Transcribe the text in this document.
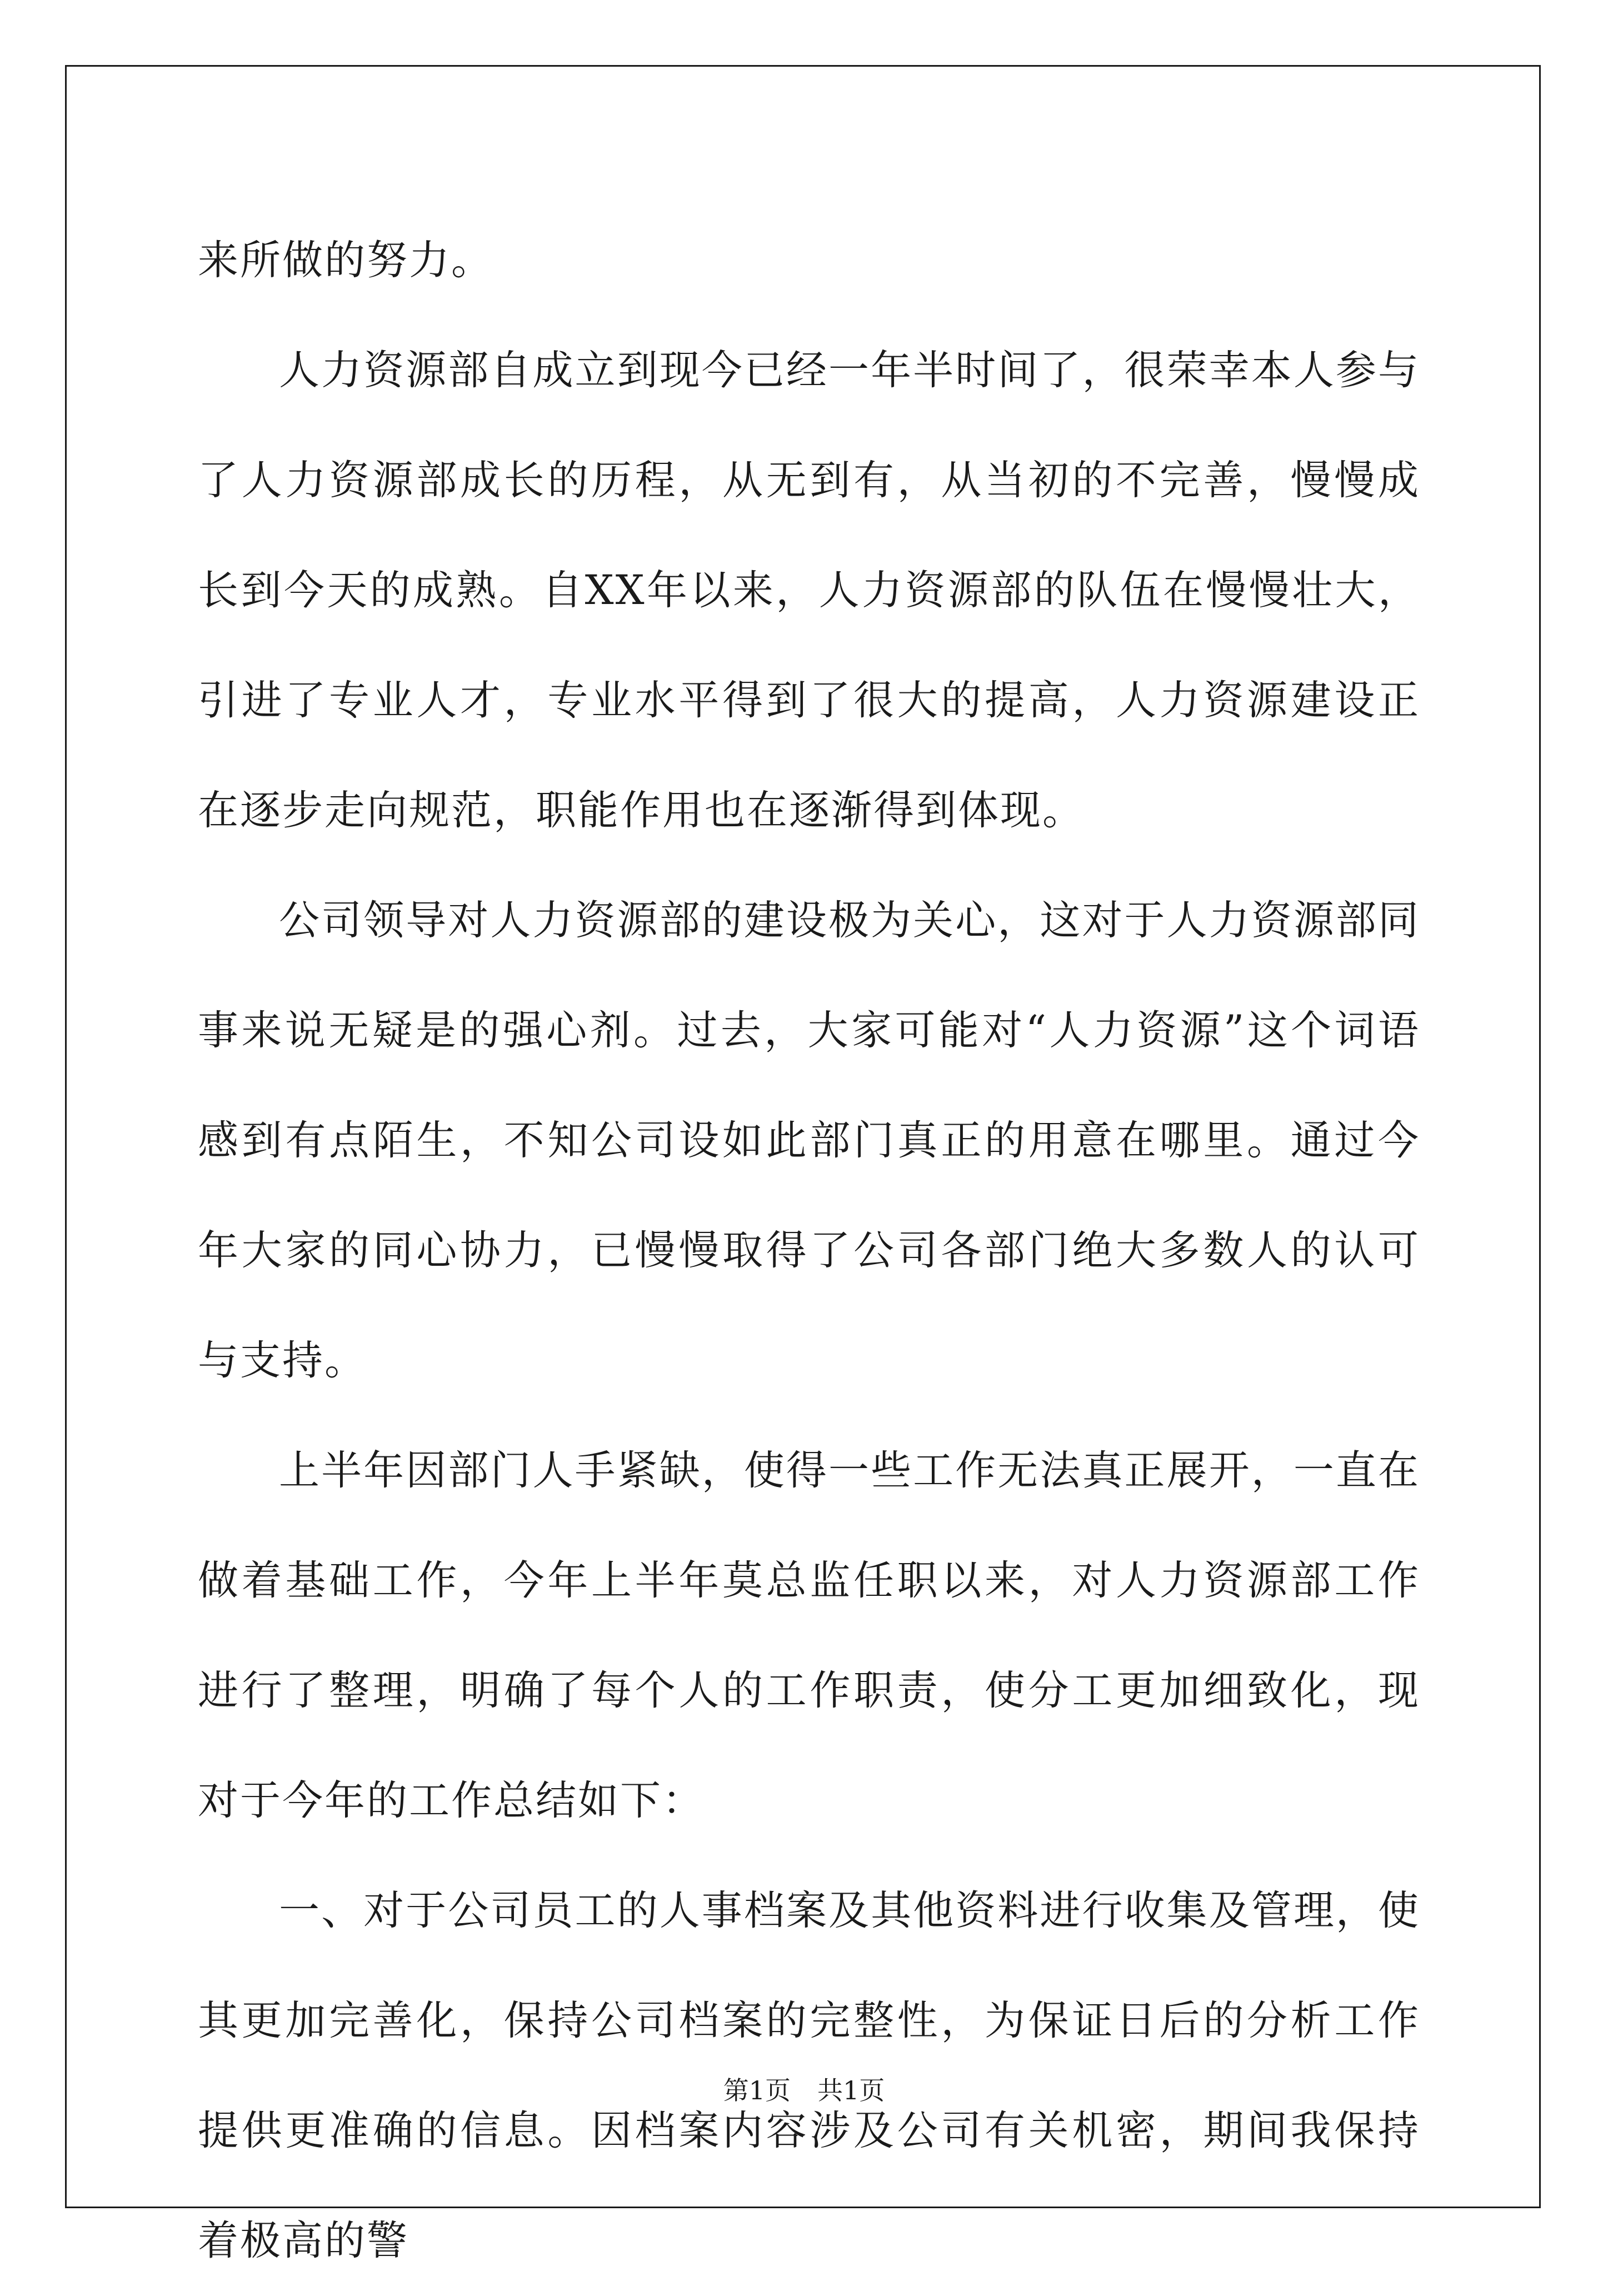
来所做的努力。

人力资源部自成立到现今已经一年半时间了，很荣幸本人参与了人力资源部成长的历程，从无到有，从当初的不完善，慢慢成长到今天的成熟。自XX年以来，人力资源部的队伍在慢慢壮大，引进了专业人才，专业水平得到了很大的提高，人力资源建设正在逐步走向规范，职能作用也在逐渐得到体现。

公司领导对人力资源部的建设极为关心，这对于人力资源部同事来说无疑是的强心剂。过去，大家可能对“人力资源”这个词语感到有点陌生，不知公司设如此部门真正的用意在哪里。通过今年大家的同心协力，已慢慢取得了公司各部门绝大多数人的认可与支持。

上半年因部门人手紧缺，使得一些工作无法真正展开，一直在做着基础工作，今年上半年莫总监任职以来，对人力资源部工作进行了整理，明确了每个人的工作职责，使分工更加细致化，现对于今年的工作总结如下：

一、对于公司员工的人事档案及其他资料进行收集及管理，使其更加完善化，保持公司档案的完整性，为保证日后的分析工作提供更准确的信息。因档案内容涉及公司有关机密，期间我保持着极高的警

第1页 共1页
